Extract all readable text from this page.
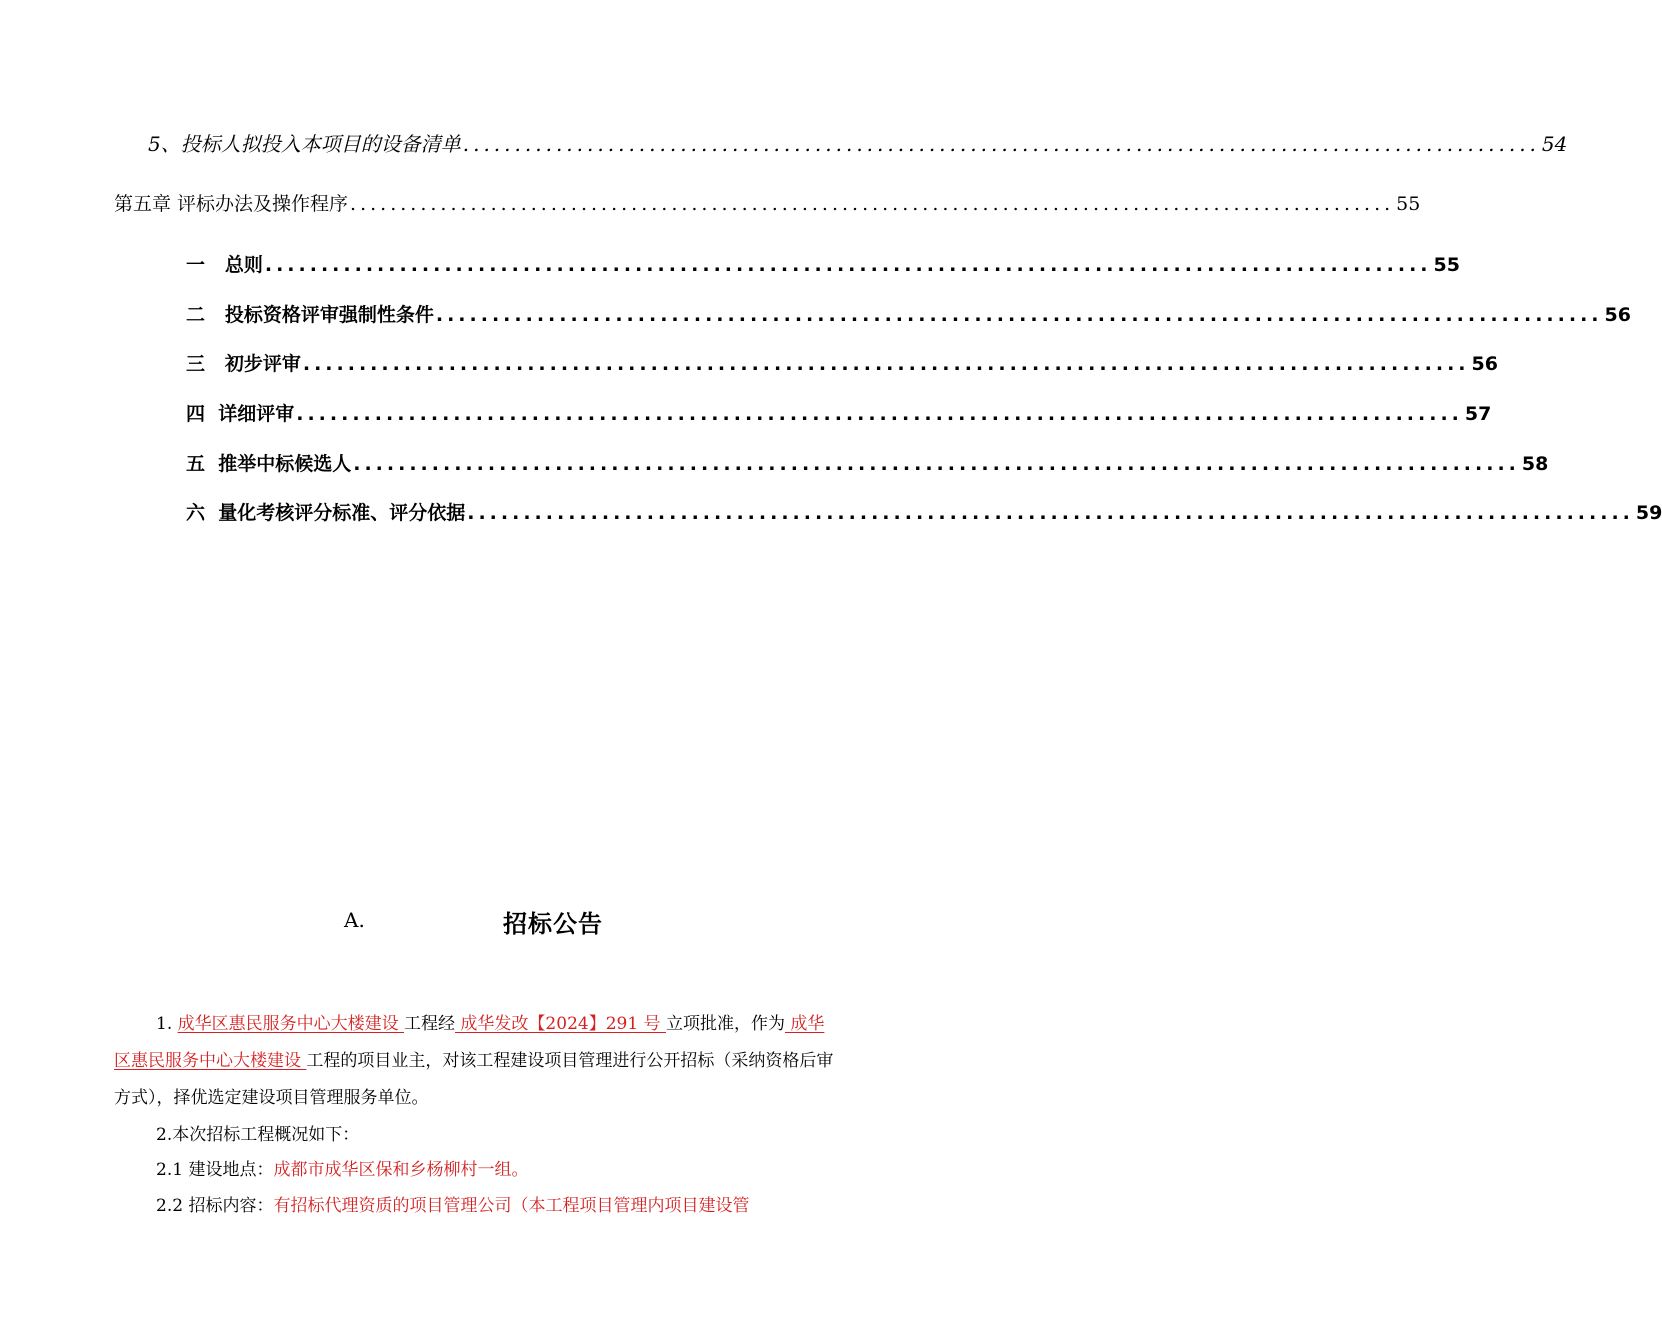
5、投标人拟投入本项目的设备清单 ........................................................................................................ 54
第五章 评标办法及操作程序 ........................................................................................................ 55
一   总则 ........................................................................................................ 55
二   投标资格评审强制性条件 ........................................................................................................ 56
三   初步评审 ........................................................................................................ 56
四  详细评审 ........................................................................................................ 57
五  推举中标候选人 ........................................................................................................ 58
六  量化考核评分标准、评分依据 ........................................................................................................ 59
A.	招标公告
1. 成华区惠民服务中心大楼建设 工程经 成华发改【2024】291 号 立项批准，作为 成华区惠民服务中心大楼建设 工程的项目业主，对该工程建设项目管理进行公开招标（采纳资格后审方式），择优选定建设项目管理服务单位。
2.本次招标工程概况如下：
2.1 建设地点：成都市成华区保和乡杨柳村一组。
2.2 招标内容：有招标代理资质的项目管理公司（本工程项目管理内项目建设管
